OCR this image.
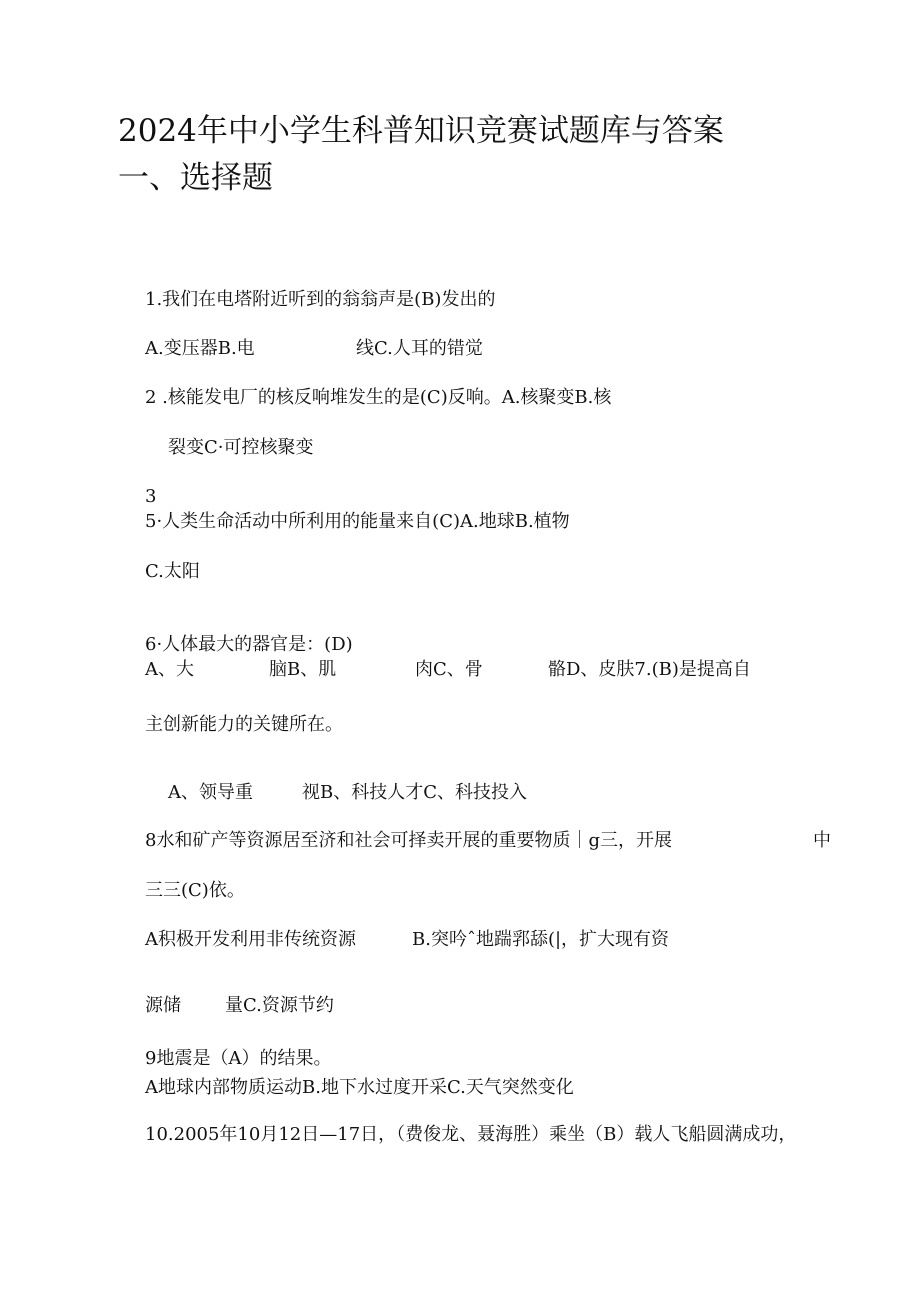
2024年中小学生科普知识竞赛试题库与答案
一、选择题
1.我们在电塔附近听到的翁翁声是(B)发出的
A.变压器B.电	线C.人耳的错觉
2 .核能发电厂的核反响堆发生的是(C)反响。A.核聚变B.核
裂变C·可控核聚变
3
5·人类生命活动中所利用的能量来自(C)A.地球B.植物
C.太阳
6·人体最大的器官是：(D)
A、大	脑B、肌	肉C、骨	骼D、皮肤7.(B)是提高自
主创新能力的关键所在。
A、领导重	视B、科技人才C、科技投入
8水和矿产等资源居至济和社会可择卖开展的重要物质｜g三，开展	中
三三(C)依。
A积极开发利用非传统资源	B.突吟ˆ地踹郛舔(|，扩大现有资
源储 量C.资源节约
9地震是（A）的结果。
A地球内部物质运动B.地下水过度开采C.天气突然变化
10.2005年10月12日—17日，（费俊龙、聂海胜）乘坐（B）载人飞船圆满成功，
